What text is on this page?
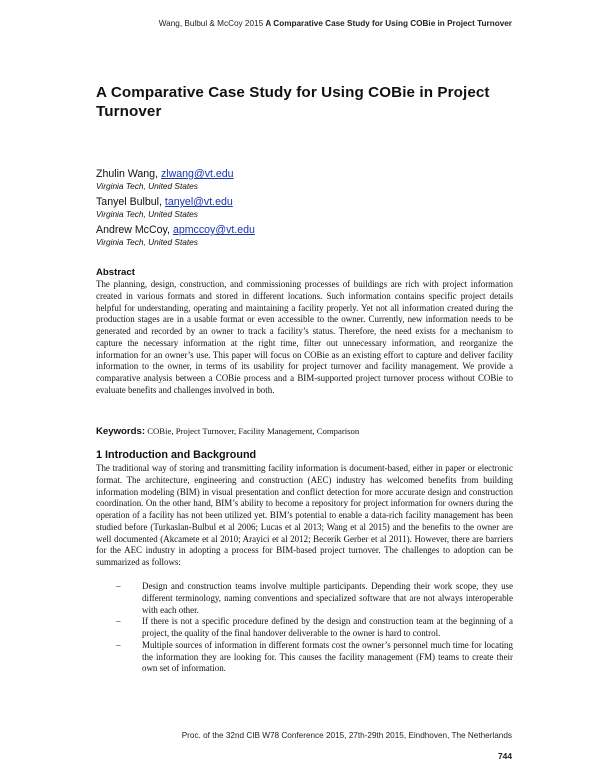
Wang, Bulbul & McCoy 2015 A Comparative Case Study for Using COBie in Project Turnover
A Comparative Case Study for Using COBie in Project Turnover
Zhulin Wang, zlwang@vt.edu
Virginia Tech, United States
Tanyel Bulbul, tanyel@vt.edu
Virginia Tech, United States
Andrew McCoy, apmccoy@vt.edu
Virginia Tech, United States
Abstract

The planning, design, construction, and commissioning processes of buildings are rich with project information created in various formats and stored in different locations. Such information contains specific project details helpful for understanding, operating and maintaining a facility properly. Yet not all information created during the production stages are in a usable format or even accessible to the owner. Currently, new information needs to be generated and recorded by an owner to track a facility’s status. Therefore, the need exists for a mechanism to capture the necessary information at the right time, filter out unnecessary information, and reorganize the information for an owner’s use. This paper will focus on COBie as an existing effort to capture and deliver facility information to the owner, in terms of its usability for project turnover and facility management. We provide a comparative analysis between a COBie process and a BIM-supported project turnover process without COBie to evaluate benefits and challenges involved in both.

Keywords: COBie, Project Turnover, Facility Management, Comparison
1 Introduction and Background

The traditional way of storing and transmitting facility information is document-based, either in paper or electronic format. The architecture, engineering and construction (AEC) industry has welcomed benefits from building information modeling (BIM) in visual presentation and conflict detection for more accurate design and construction coordination. On the other hand, BIM’s ability to become a repository for project information for owners during the operation of a facility has not been utilized yet. BIM’s potential to enable a data-rich facility management has been studied before (Turkaslan-Bulbul et al 2006; Lucas et al 2013; Wang et al 2015) and the benefits to the owner are well documented (Akcamete et al 2010; Arayici et al 2012; Becerik Gerber et al 2011). However, there are barriers for the AEC industry in adopting a process for BIM-based project turnover. The challenges to adoption can be summarized as follows:

– Design and construction teams involve multiple participants. Depending their work scope, they use different terminology, naming conventions and specialized software that are not always interoperable with each other.
– If there is not a specific procedure defined by the design and construction team at the beginning of a project, the quality of the final handover deliverable to the owner is hard to control.
– Multiple sources of information in different formats cost the owner’s personnel much time for locating the information they are looking for. This causes the facility management (FM) teams to create their own set of information.
Proc. of the 32nd CIB W78 Conference 2015, 27th-29th 2015, Eindhoven, The Netherlands
744
